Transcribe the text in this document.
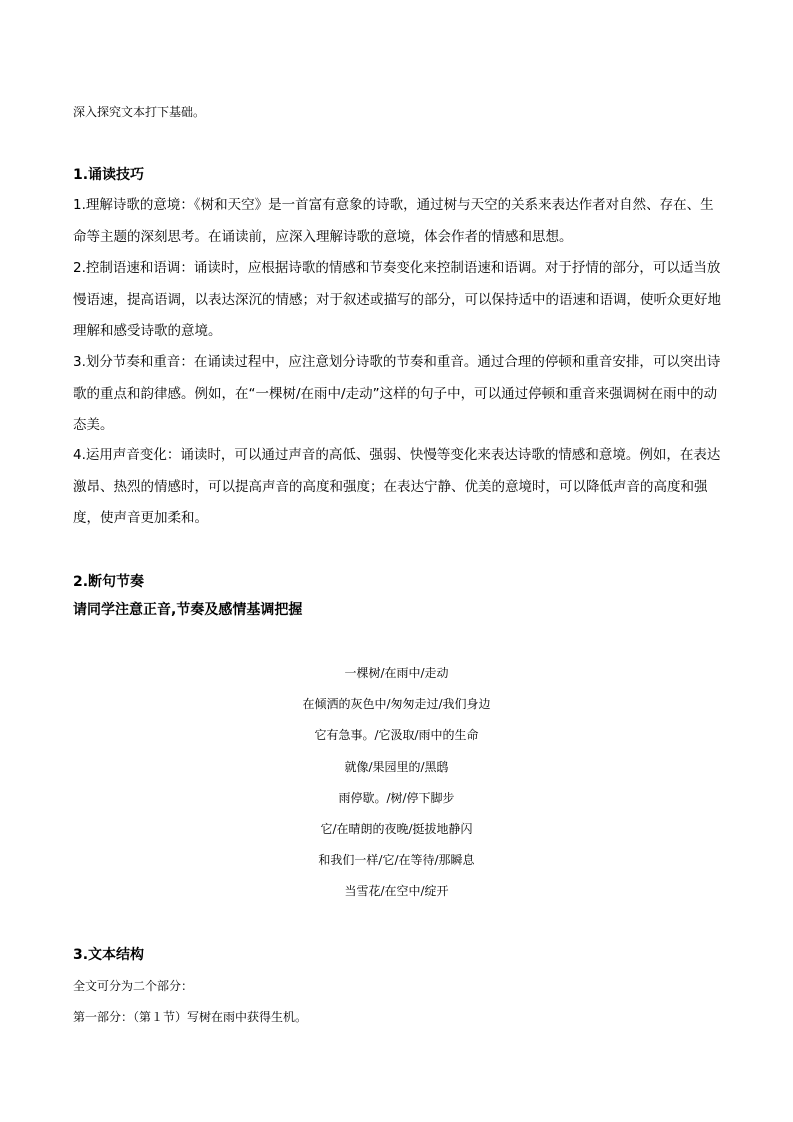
深入探究文本打下基础。
1.诵读技巧
1.理解诗歌的意境：《树和天空》是一首富有意象的诗歌，通过树与天空的关系来表达作者对自然、存在、生命等主题的深刻思考。在诵读前，应深入理解诗歌的意境，体会作者的情感和思想。
2.控制语速和语调：诵读时，应根据诗歌的情感和节奏变化来控制语速和语调。对于抒情的部分，可以适当放慢语速，提高语调，以表达深沉的情感；对于叙述或描写的部分，可以保持适中的语速和语调，使听众更好地理解和感受诗歌的意境。
3.划分节奏和重音：在诵读过程中，应注意划分诗歌的节奏和重音。通过合理的停顿和重音安排，可以突出诗歌的重点和韵律感。例如，在“一棵树/在雨中/走动”这样的句子中，可以通过停顿和重音来强调树在雨中的动态美。
4.运用声音变化：诵读时，可以通过声音的高低、强弱、快慢等变化来表达诗歌的情感和意境。例如，在表达激昂、热烈的情感时，可以提高声音的高度和强度；在表达宁静、优美的意境时，可以降低声音的高度和强度，使声音更加柔和。
2.断句节奏
请同学注意正音,节奏及感情基调把握
一棵树/在雨中/走动
在倾洒的灰色中/匆匆走过/我们身边
它有急事。/它汲取/雨中的生命
就像/果园里的/黑鸱
雨停歇。/树/停下脚步
它/在晴朗的夜晚/挺拔地静闪
和我们一样/它/在等待/那瞬息
当雪花/在空中/绽开
3.文本结构
全文可分为二个部分：
第一部分：（第１节）写树在雨中获得生机。
